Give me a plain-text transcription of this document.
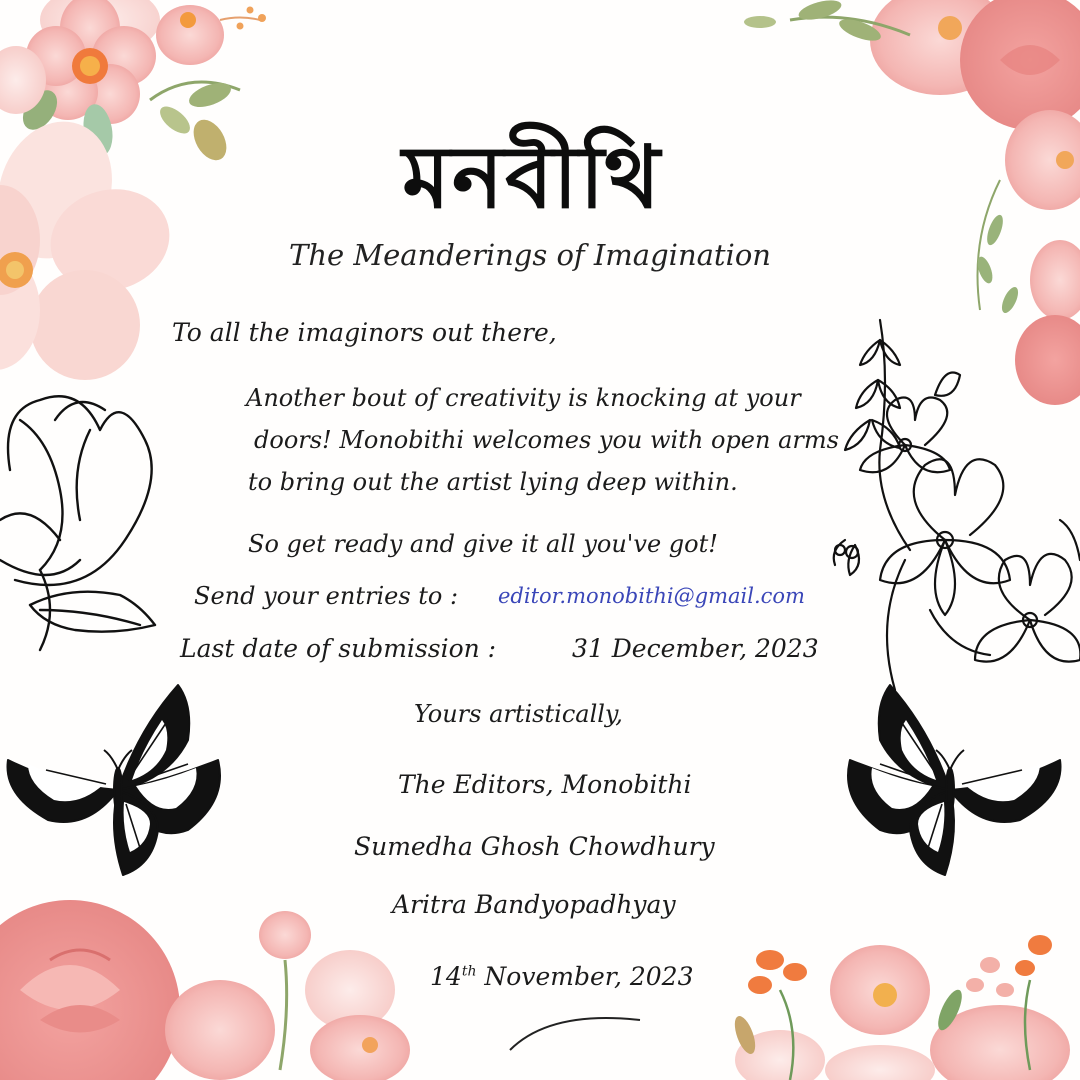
মনবীথি
The Meanderings of Imagination
To all the imaginors out there,
Another bout of creativity is knocking at your
doors! Monobithi welcomes you with open arms
to bring out the artist lying deep within.
So get ready and give it all you've got!
Send your entries to : editor.monobithi@gmail.com
Last date of submission :	31 December, 2023
Yours artistically,
The Editors, Monobithi
Sumedha Ghosh Chowdhury
Aritra Bandyopadhyay
14th November, 2023
